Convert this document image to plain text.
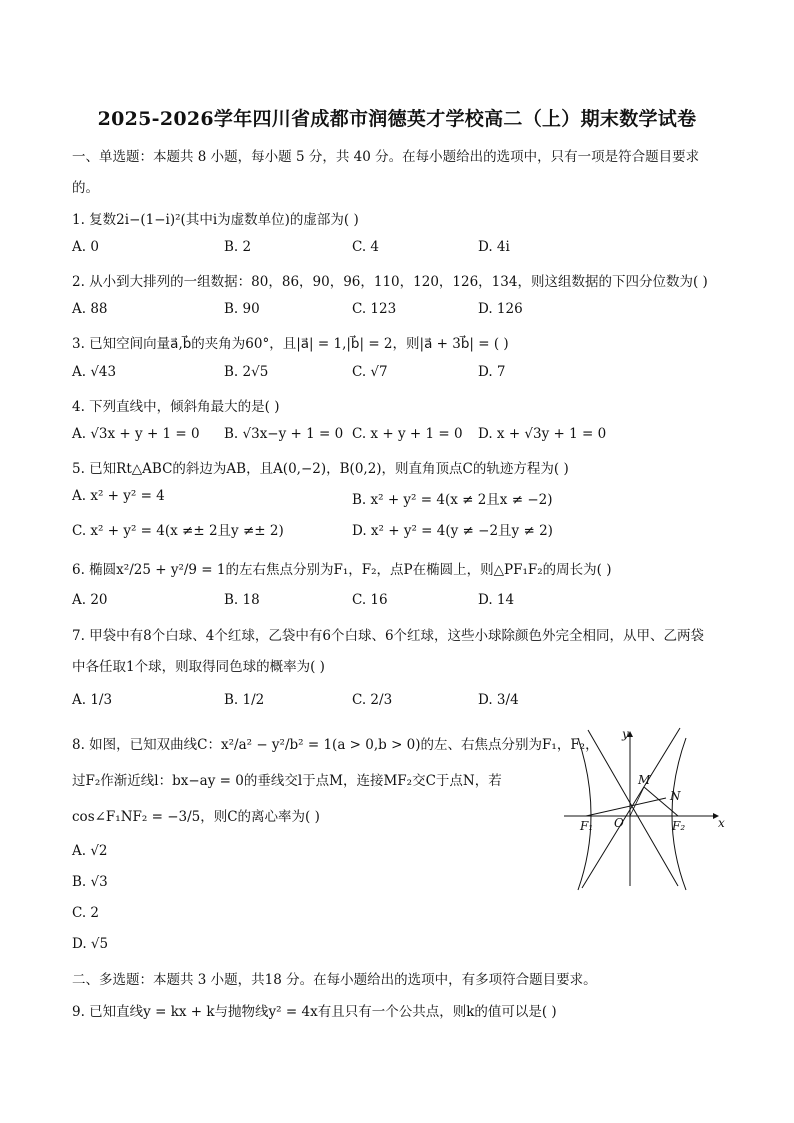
2025-2026学年四川省成都市润德英才学校高二（上）期末数学试卷
一、单选题：本题共 8 小题，每小题 5 分，共 40 分。在每小题给出的选项中，只有一项是符合题目要求
的。
1. 复数2i−(1−i)²(其中i为虚数单位)的虚部为( )
A. 0	B. 2	C. 4	D. 4i
2. 从小到大排列的一组数据：80，86，90，96，110，120，126，134，则这组数据的下四分位数为( )
A. 88	B. 90	C. 123	D. 126
3. 已知空间向量a⃗,b⃗的夹角为60°，且|a⃗| = 1,|b⃗| = 2，则|a⃗ + 3b⃗| = ( )
A. √43	B. 2√5	C. √7	D. 7
4. 下列直线中，倾斜角最大的是( )
A. √3x + y + 1 = 0 B. √3x−y + 1 = 0 C. x + y + 1 = 0 D. x + √3y + 1 = 0
5. 已知Rt△ABC的斜边为AB，且A(0,−2)，B(0,2)，则直角顶点C的轨迹方程为( )
A. x² + y² = 4	B. x² + y² = 4(x ≠ 2且x ≠ −2)
C. x² + y² = 4(x ≠± 2且y ≠± 2)	D. x² + y² = 4(y ≠ −2且y ≠ 2)
6. 椭圆x²/25 + y²/9 = 1的左右焦点分别为F₁，F₂，点P在椭圆上，则△PF₁F₂的周长为( )
A. 20	B. 18	C. 16	D. 14
7. 甲袋中有8个白球、4个红球，乙袋中有6个白球、6个红球，这些小球除颜色外完全相同，从甲、乙两袋
中各任取1个球，则取得同色球的概率为( )
A. 1/3	B. 1/2	C. 2/3	D. 3/4
8. 如图，已知双曲线C：x²/a² − y²/b² = 1(a > 0,b > 0)的左、右焦点分别为F₁，F₂，
过F₂作渐近线l：bx−ay = 0的垂线交l于点M，连接MF₂交C于点N，若
cos∠F₁NF₂ = −3/5，则C的离心率为( )
A. √2
B. √3
C. 2
D. √5
y
x
O
M
N
F₁	F₂
二、多选题：本题共 3 小题，共18 分。在每小题给出的选项中，有多项符合题目要求。
9. 已知直线y = kx + k与抛物线y² = 4x有且只有一个公共点，则k的值可以是( )
